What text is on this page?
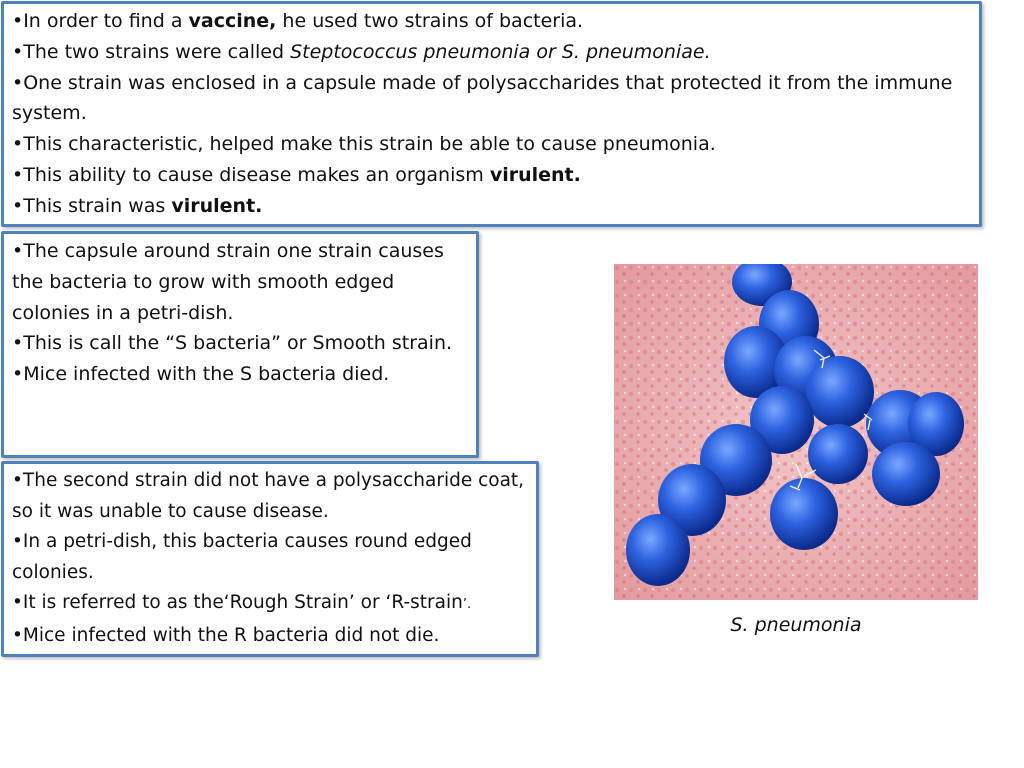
•In order to find a vaccine, he used two strains of bacteria.
•The two strains were called Steptococcus pneumonia or S. pneumoniae.
•One strain was enclosed in a capsule made of polysaccharides that protected it from the immune system.
•This characteristic, helped make this strain be able to cause pneumonia.
•This ability to cause disease makes an organism virulent.
•This strain was virulent.
•The capsule around strain one strain causes the bacteria to grow with smooth edged colonies in a petri-dish.
•This is call the “S bacteria” or Smooth strain.
•Mice infected with the S bacteria died.
•The second strain did not have a polysaccharide coat, so it was unable to cause disease.
•In a petri-dish, this bacteria causes round edged colonies.
•It is referred to as the‘Rough Strain’ or ‘R-strain’.
•Mice infected with the R bacteria did not die.	S. pneumonia
